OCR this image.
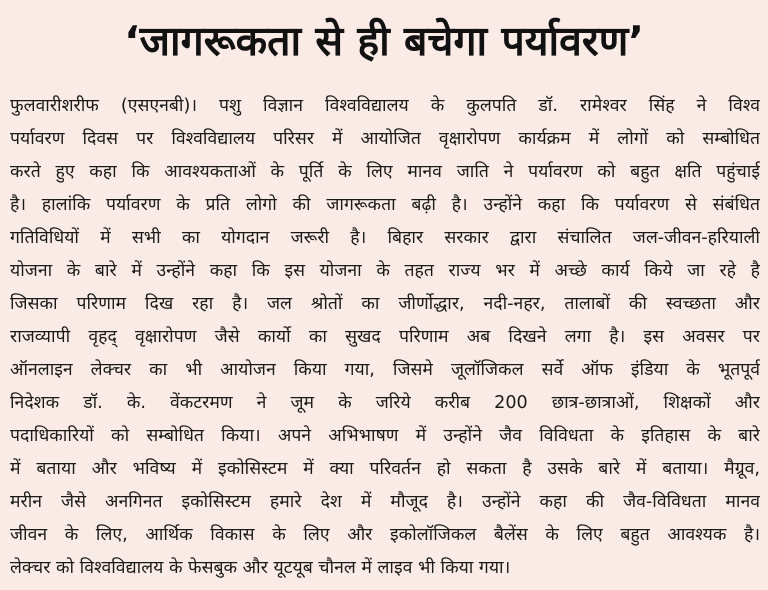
‘जागरूकता से ही बचेगा पर्यावरण’
फुलवारीशरीफ (एसएनबी)। पशु विज्ञान विश्वविद्यालय के कुलपति डॉ. रामेश्वर सिंह ने विश्व
पर्यावरण दिवस पर विश्वविद्यालय परिसर में आयोजित वृक्षारोपण कार्यक्रम में लोगों को सम्बोधित
करते हुए कहा कि आवश्यकताओं के पूर्ति के लिए मानव जाति ने पर्यावरण को बहुत क्षति पहुंचाई
है। हालांकि पर्यावरण के प्रति लोगो की जागरूकता बढ़ी है। उन्होंने कहा कि पर्यावरण से संबंधित
गतिविधियों में सभी का योगदान जरूरी है। बिहार सरकार द्वारा संचालित जल-जीवन-हरियाली
योजना के बारे में उन्होंने कहा कि इस योजना के तहत राज्य भर में अच्छे कार्य किये जा रहे है
जिसका परिणाम दिख रहा है। जल श्रोतों का जीर्णोद्धार, नदी-नहर, तालाबों की स्वच्छता और
राजव्यापी वृहद् वृक्षारोपण जैसे कार्यो का सुखद परिणाम अब दिखने लगा है। इस अवसर पर
ऑनलाइन लेक्चर का भी आयोजन किया गया, जिसमे जूलॉजिकल सर्वे ऑफ इंडिया के भूतपूर्व
निदेशक डॉ. के. वेंकटरमण ने जूम के जरिये करीब 200 छात्र-छात्राओं, शिक्षकों और
पदाधिकारियों को सम्बोधित किया। अपने अभिभाषण में उन्होंने जैव विविधता के इतिहास के बारे
में बताया और भविष्य में इकोसिस्टम में क्या परिवर्तन हो सकता है उसके बारे में बताया। मैग्रूव,
मरीन जैसे अनगिनत इकोसिस्टम हमारे देश में मौजूद है। उन्होंने कहा की जैव-विविधता मानव
जीवन के लिए, आर्थिक विकास के लिए और इकोलॉजिकल बैलेंस के लिए बहुत आवश्यक है।
लेक्चर को विश्वविद्यालय के फेसबुक और यूटयूब चौनल में लाइव भी किया गया।
